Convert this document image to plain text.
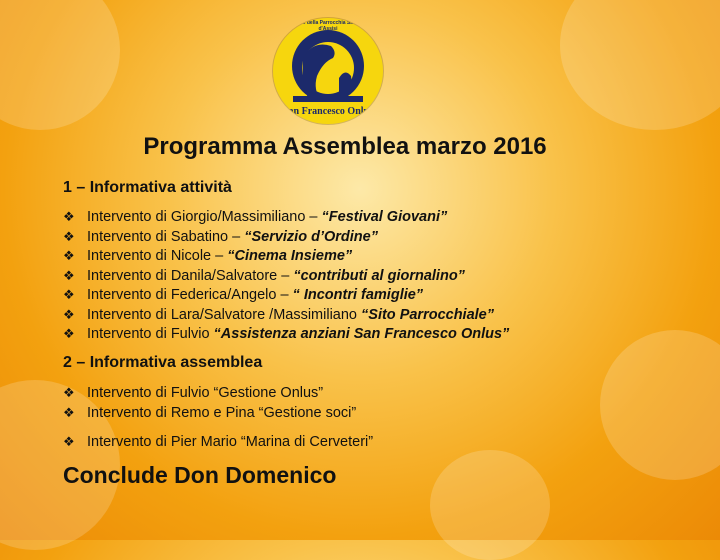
Associazione della Parrocchia San Francesco d'Assisi
San Francesco Onlus
Programma Assemblea marzo 2016
1 – Informativa attività
❖ Intervento di Giorgio/Massimiliano – “Festival Giovani”
❖ Intervento di Sabatino – “Servizio d’Ordine”
❖ Intervento di Nicole – “Cinema Insieme”
❖ Intervento di Danila/Salvatore – “contributi al giornalino”
❖ Intervento di Federica/Angelo – “ Incontri famiglie”
❖ Intervento di Lara/Salvatore /Massimiliano “Sito Parrocchiale”
❖ Intervento di Fulvio “Assistenza anziani San Francesco Onlus”
2 – Informativa assemblea
❖ Intervento di Fulvio “Gestione Onlus”
❖ Intervento di Remo e Pina “Gestione soci”
❖ Intervento di Pier Mario “Marina di Cerveteri”
Conclude Don Domenico
